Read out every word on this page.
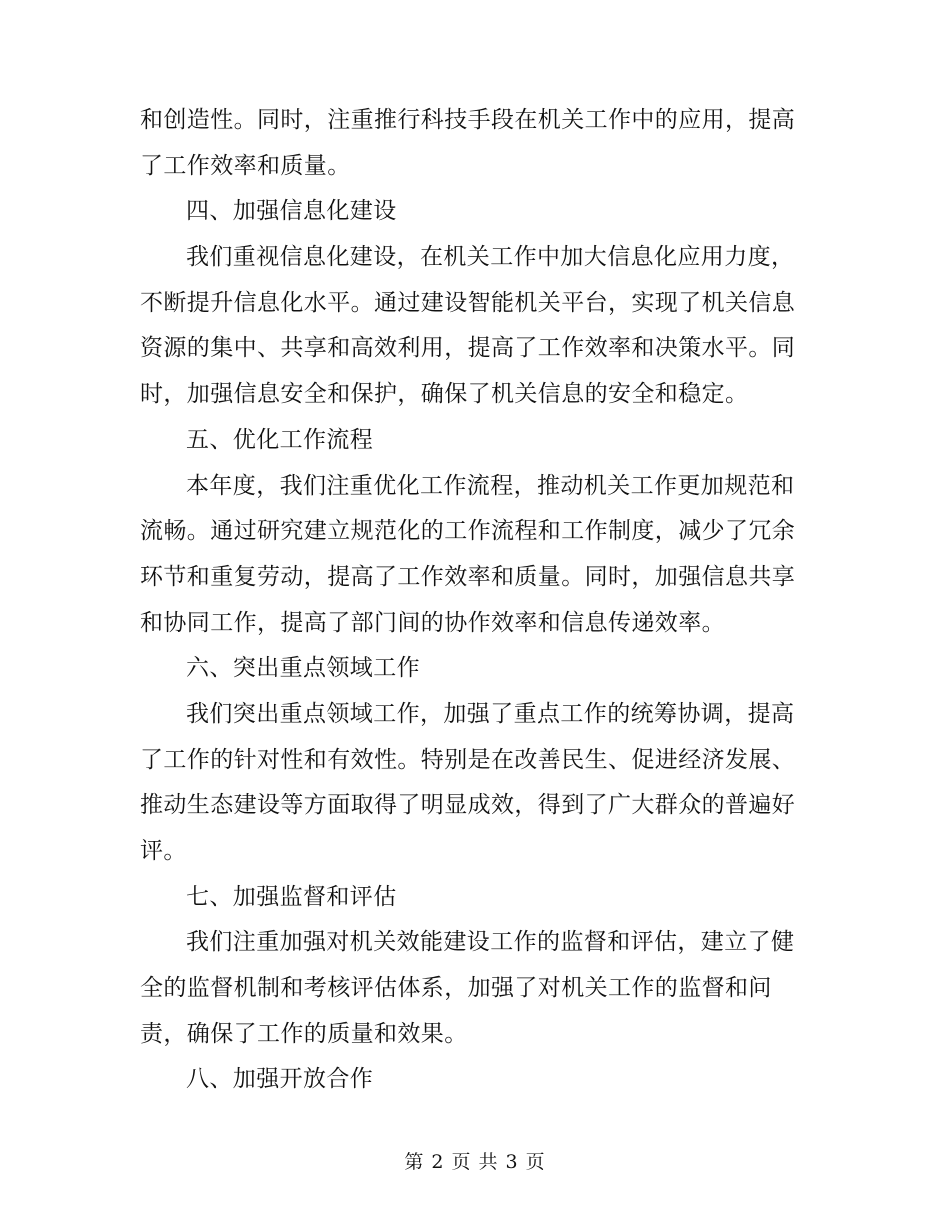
和创造性。同时，注重推行科技手段在机关工作中的应用，提高
了工作效率和质量。
四、加强信息化建设
我们重视信息化建设，在机关工作中加大信息化应用力度，
不断提升信息化水平。通过建设智能机关平台，实现了机关信息
资源的集中、共享和高效利用，提高了工作效率和决策水平。同
时，加强信息安全和保护，确保了机关信息的安全和稳定。
五、优化工作流程
本年度，我们注重优化工作流程，推动机关工作更加规范和
流畅。通过研究建立规范化的工作流程和工作制度，减少了冗余
环节和重复劳动，提高了工作效率和质量。同时，加强信息共享
和协同工作，提高了部门间的协作效率和信息传递效率。
六、突出重点领域工作
我们突出重点领域工作，加强了重点工作的统筹协调，提高
了工作的针对性和有效性。特别是在改善民生、促进经济发展、
推动生态建设等方面取得了明显成效，得到了广大群众的普遍好
评。
七、加强监督和评估
我们注重加强对机关效能建设工作的监督和评估，建立了健
全的监督机制和考核评估体系，加强了对机关工作的监督和问
责，确保了工作的质量和效果。
八、加强开放合作
第 2 页 共 3 页
